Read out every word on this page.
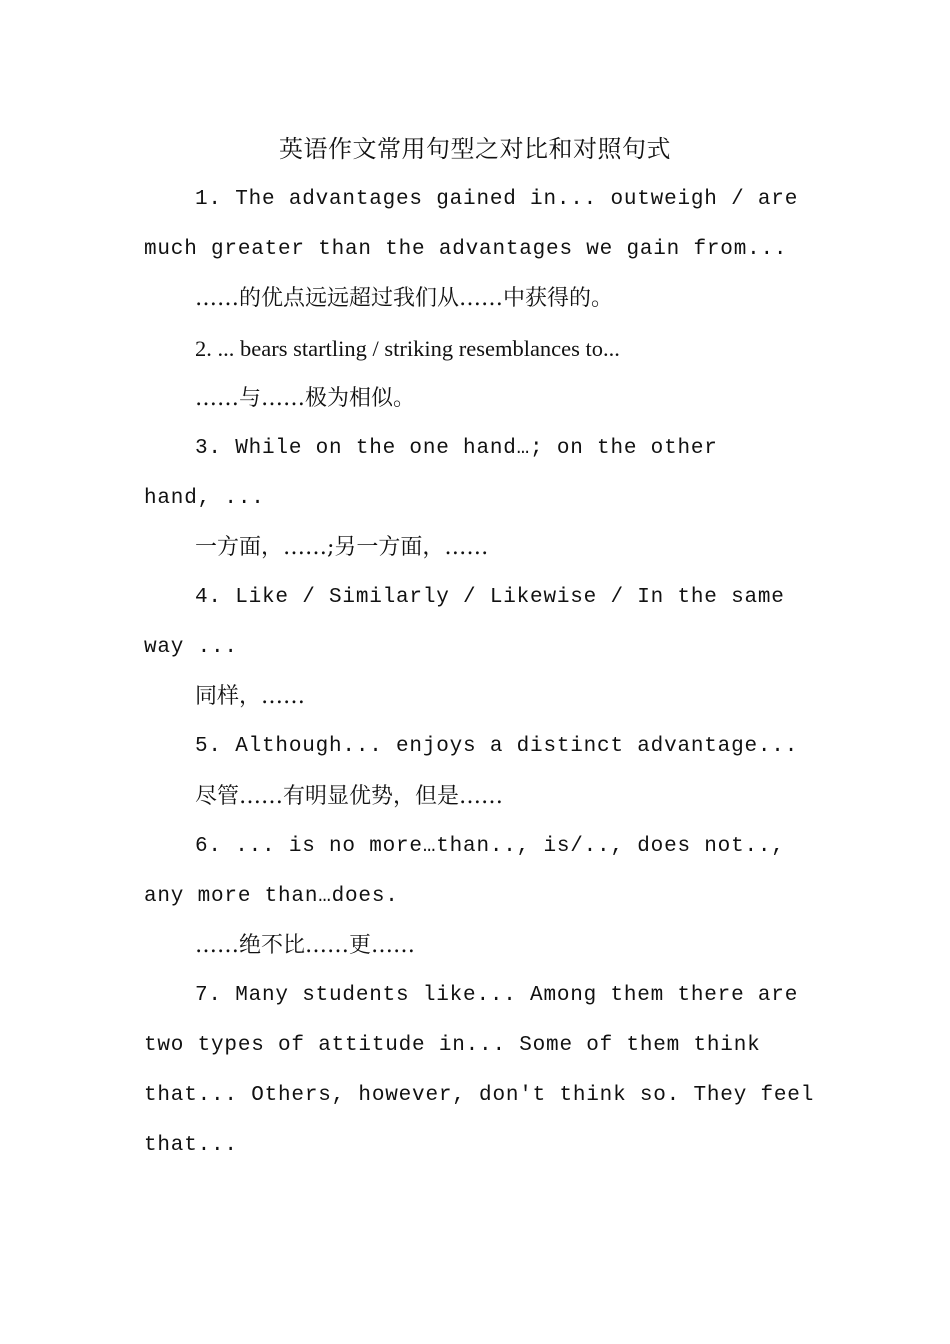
英语作文常用句型之对比和对照句式
1. The advantages gained in... outweigh / are
much greater than the advantages we gain from...
……的优点远远超过我们从……中获得的。
2. ... bears startling / striking resemblances to...
……与……极为相似。
3. While on the one hand…; on the other
hand, ...
一方面，……;另一方面，……
4. Like / Similarly / Likewise / In the same
way ...
同样，……
5. Although... enjoys a distinct advantage...
尽管……有明显优势，但是……
6. ... is no more…than.., is/.., does not..,
any more than…does.
……绝不比……更……
7. Many students like... Among them there are
two types of attitude in... Some of them think
that... Others, however, don't think so. They feel
that...
